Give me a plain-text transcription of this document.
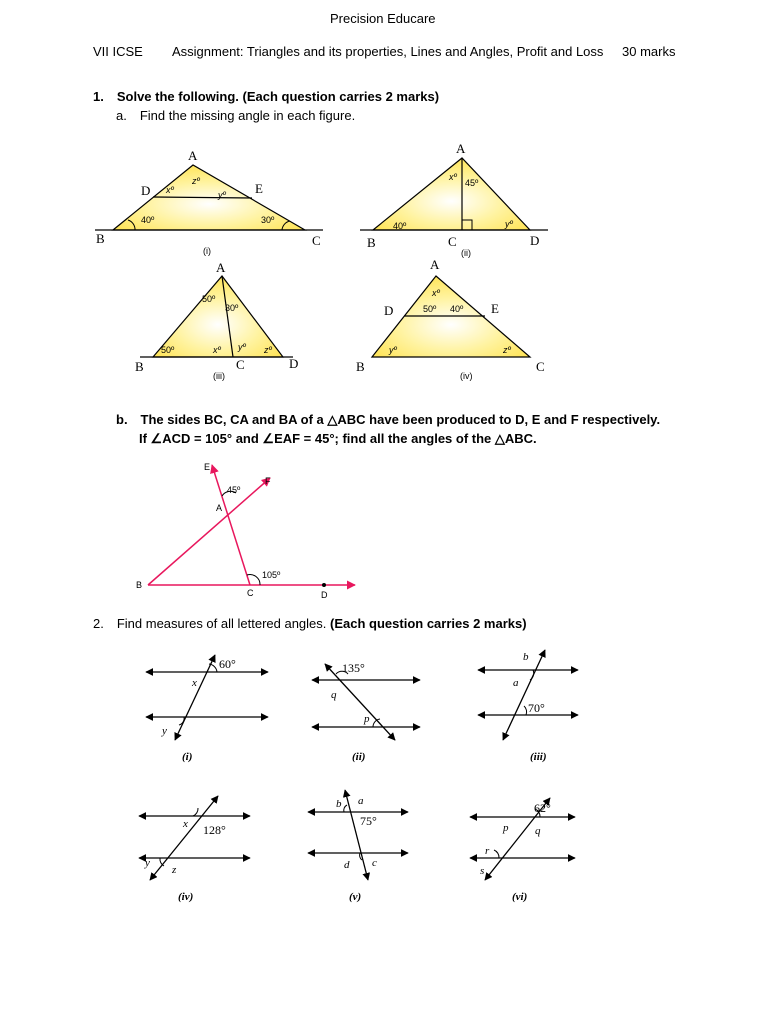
Precision Educare
VII ICSE Assignment: Triangles and its properties, Lines and Angles, Profit and Loss 30 marks
1. Solve the following. (Each question carries 2 marks)
a. Find the missing angle in each figure.
A
D	E
B	C
xº
zº
yº
40º	30º
(i)
A
B	C	D
xº
45º
40º	yº
(ii)
A
B	C	D
50º
30º
50º	xº yº zº
(iii)
A
D	E
B	C
xº
50º 40º
yº	zº
(iv)
E
F
A
B
C	D
45º
105º
60°
x
y
(i)
135°
q
p
(ii)
b
a
70°
(iii)
x 128°
y
z
(iv)
b a
75°
d c
(v)
62°
p q
r
s
(vi)
b. The sides BC, CA and BA of a △ABC have been produced to D, E and F respectively.
If ∠ACD = 105° and ∠EAF = 45°; find all the angles of the △ABC.
2. Find measures of all lettered angles. (Each question carries 2 marks)
